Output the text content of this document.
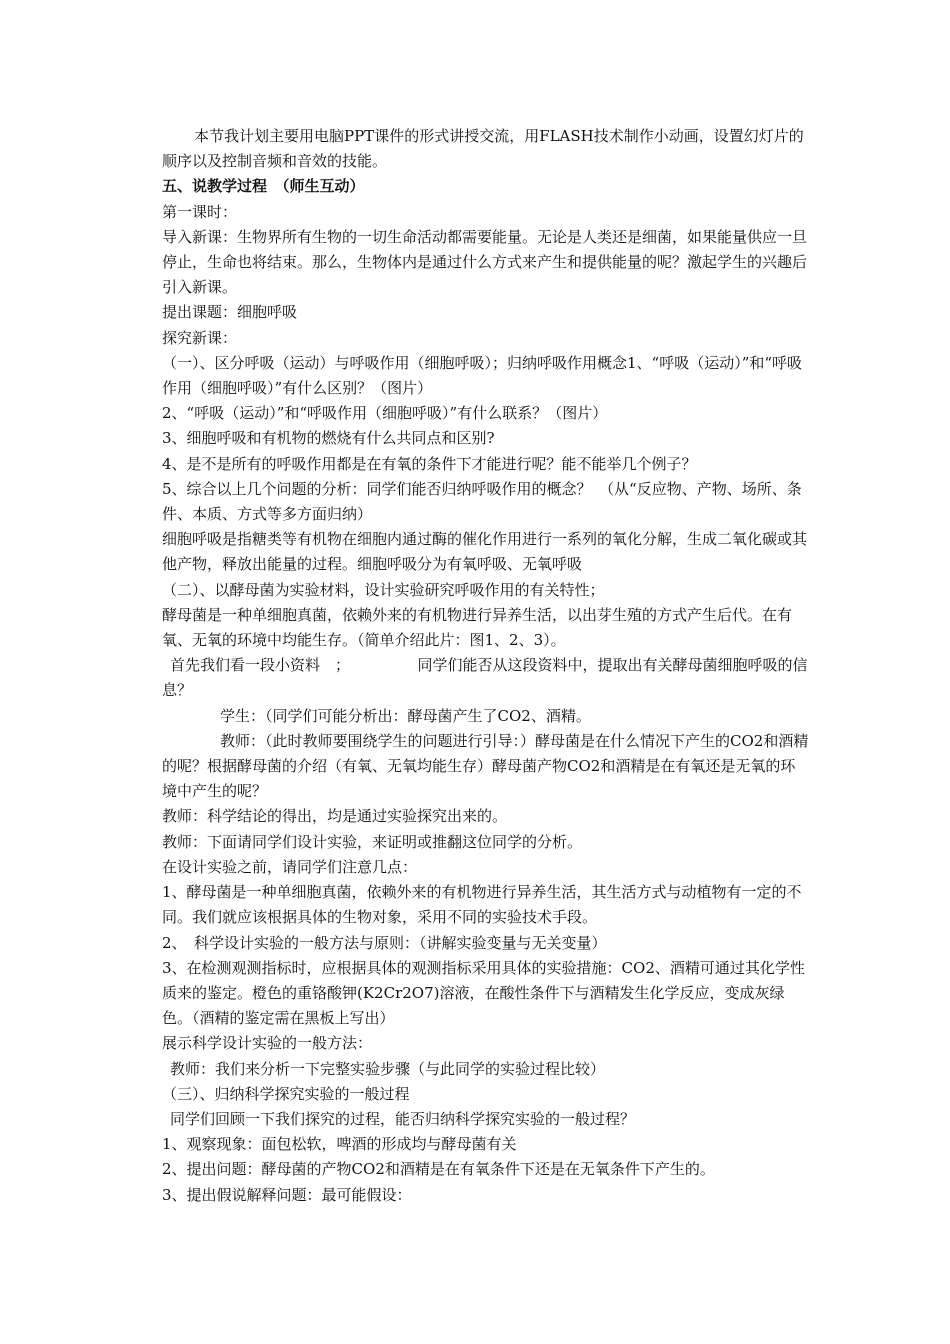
本节我计划主要用电脑PPT课件的形式讲授交流，用FLASH技术制作小动画，设置幻灯片的顺序以及控制音频和音效的技能。

五、说教学过程　（师生互动）

第一课时：

导入新课：生物界所有生物的一切生命活动都需要能量。无论是人类还是细菌，如果能量供应一旦停止，生命也将结束。那么，生物体内是通过什么方式来产生和提供能量的呢？激起学生的兴趣后引入新课。

提出课题：细胞呼吸

探究新课：

（一）、区分呼吸（运动）与呼吸作用（细胞呼吸）；归纳呼吸作用概念1、“呼吸（运动）”和“呼吸作用（细胞呼吸）”有什么区别？（图片）

2、“呼吸（运动）”和“呼吸作用（细胞呼吸）”有什么联系？（图片）

3、细胞呼吸和有机物的燃烧有什么共同点和区别?

4、是不是所有的呼吸作用都是在有氧的条件下才能进行呢？能不能举几个例子？

5、综合以上几个问题的分析：同学们能否归纳呼吸作用的概念？　（从“反应物、产物、场所、条件、本质、方式等多方面归纳）

细胞呼吸是指糖类等有机物在细胞内通过酶的催化作用进行一系列的氧化分解，生成二氧化碳或其他产物，释放出能量的过程。细胞呼吸分为有氧呼吸、无氧呼吸

（二）、以酵母菌为实验材料，设计实验研究呼吸作用的有关特性；

酵母菌是一种单细胞真菌，依赖外来的有机物进行异养生活，以出芽生殖的方式产生后代。在有氧、无氧的环境中均能生存。（简单介绍此片：图1、2、3）。

首先我们看一段小资料　；　　　　　同学们能否从这段资料中，提取出有关酵母菌细胞呼吸的信息？

学生：（同学们可能分析出：酵母菌产生了CO2、酒精。

教师：（此时教师要围绕学生的问题进行引导：）酵母菌是在什么情况下产生的CO2和酒精的呢？根据酵母菌的介绍（有氧、无氧均能生存）酵母菌产物CO2和酒精是在有氧还是无氧的环境中产生的呢？

教师：科学结论的得出，均是通过实验探究出来的。

教师：下面请同学们设计实验，来证明或推翻这位同学的分析。

在设计实验之前，请同学们注意几点：

1、酵母菌是一种单细胞真菌，依赖外来的有机物进行异养生活，其生活方式与动植物有一定的不同。我们就应该根据具体的生物对象，采用不同的实验技术手段。

2、　科学设计实验的一般方法与原则：（讲解实验变量与无关变量）

3、在检测观测指标时，应根据具体的观测指标采用具体的实验措施：CO2、酒精可通过其化学性质来的鉴定。橙色的重铬酸钾(K2Cr2O7)溶液，在酸性条件下与酒精发生化学反应，变成灰绿色。（酒精的鉴定需在黑板上写出）

展示科学设计实验的一般方法：

教师：我们来分析一下完整实验步骤（与此同学的实验过程比较）

（三）、归纳科学探究实验的一般过程

同学们回顾一下我们探究的过程，能否归纳科学探究实验的一般过程？

1、观察现象：面包松软，啤酒的形成均与酵母菌有关

2、提出问题：酵母菌的产物CO2和酒精是在有氧条件下还是在无氧条件下产生的。

3、提出假说解释问题：最可能假设：
